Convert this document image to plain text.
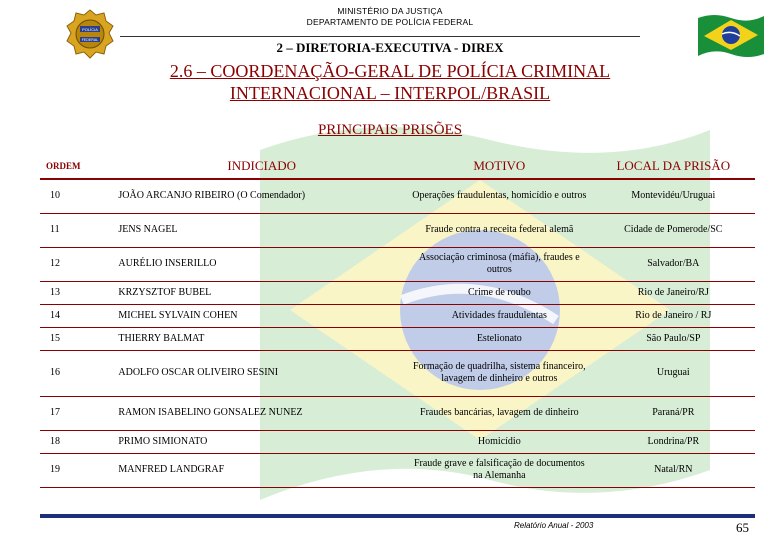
MINISTÉRIO DA JUSTIÇA
DEPARTAMENTO DE POLÍCIA FEDERAL
POLÍCIA
FEDERAL	2 – DIRETORIA-EXECUTIVA - DIREX
2.6 – COORDENAÇÃO-GERAL DE POLÍCIA CRIMINAL
INTERNACIONAL – INTERPOL/BRASIL
PRINCIPAIS PRISÕES
ORDEM	INDICIADO	MOTIVO	LOCAL DA PRISÃO
10	JOÃO ARCANJO RIBEIRO (O Comendador)	Operações fraudulentas, homicídio e outros	Montevidéu/Uruguai
11	JENS NAGEL	Fraude contra a receita federal alemã	Cidade de Pomerode/SC
12	AURÉLIO INSERILLO	Associação criminosa (máfia), fraudes e outros	Salvador/BA
13	KRZYSZTOF BUBEL	Crime de roubo	Rio de Janeiro/RJ
14	MICHEL SYLVAIN COHEN	Atividades fraudulentas	Rio de Janeiro / RJ
15	THIERRY BALMAT	Estelionato	São Paulo/SP
16	ADOLFO OSCAR OLIVEIRO SESINI	Formação de quadrilha, sistema financeiro, lavagem de dinheiro e outros	Uruguai
17	RAMON ISABELINO GONSALEZ NUNEZ	Fraudes bancárias, lavagem de dinheiro	Paraná/PR
18	PRIMO SIMIONATO	Homicídio	Londrina/PR
19	MANFRED LANDGRAF	Fraude grave e falsificação de documentos na Alemanha	Natal/RN
Relatório Anual - 2003	65
